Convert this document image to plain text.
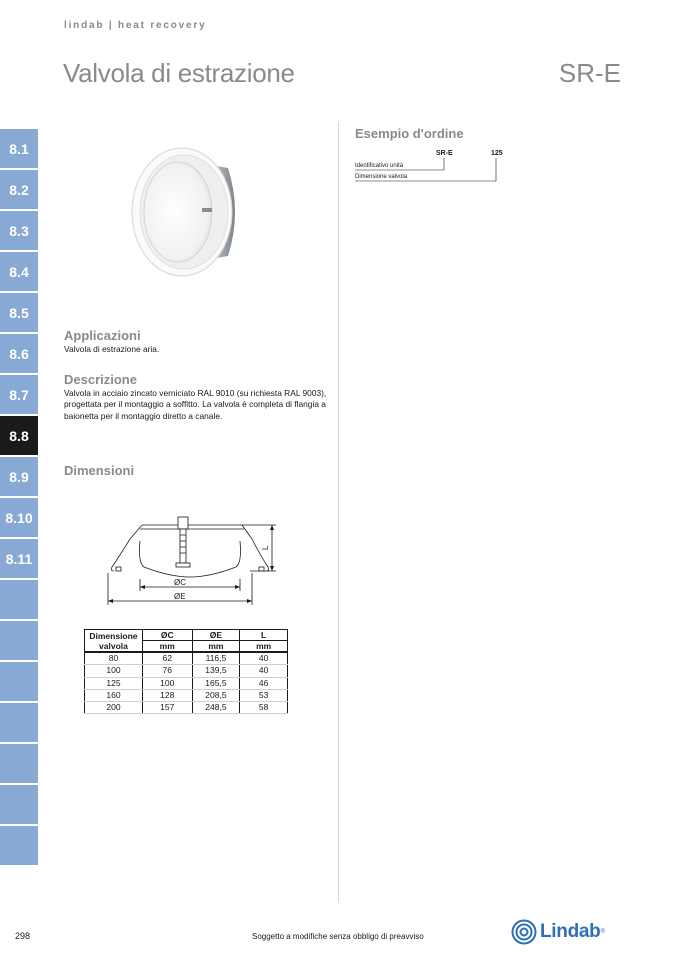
lindab | heat recovery
Valvola di estrazione	SR-E
8.1
8.2
8.3
8.4
8.5
8.6
8.7
8.8
8.9
8.10
8.11
Applicazioni
Valvola di estrazione aria.
Descrizione
Valvola in acciaio zincato verniciato RAL 9010 (su richiesta RAL 9003), progettata per il montaggio a soffitto. La valvola è completa di flangia a baionetta per il montaggio diretto a canale.
Dimensioni
Esempio d'ordine
SR-E	125
Identificativo unità
Dimensione valvola
ØC
ØE
L
Dimensione valvola	ØC	ØE	L
	mm	mm	mm
80	62	116,5	40
100	76	139,5	40
125	100	165,5	46
160	128	208,5	53
200	157	248,5	58
298	Soggetto a modifiche senza obbligo di preavviso	Lindab ®
